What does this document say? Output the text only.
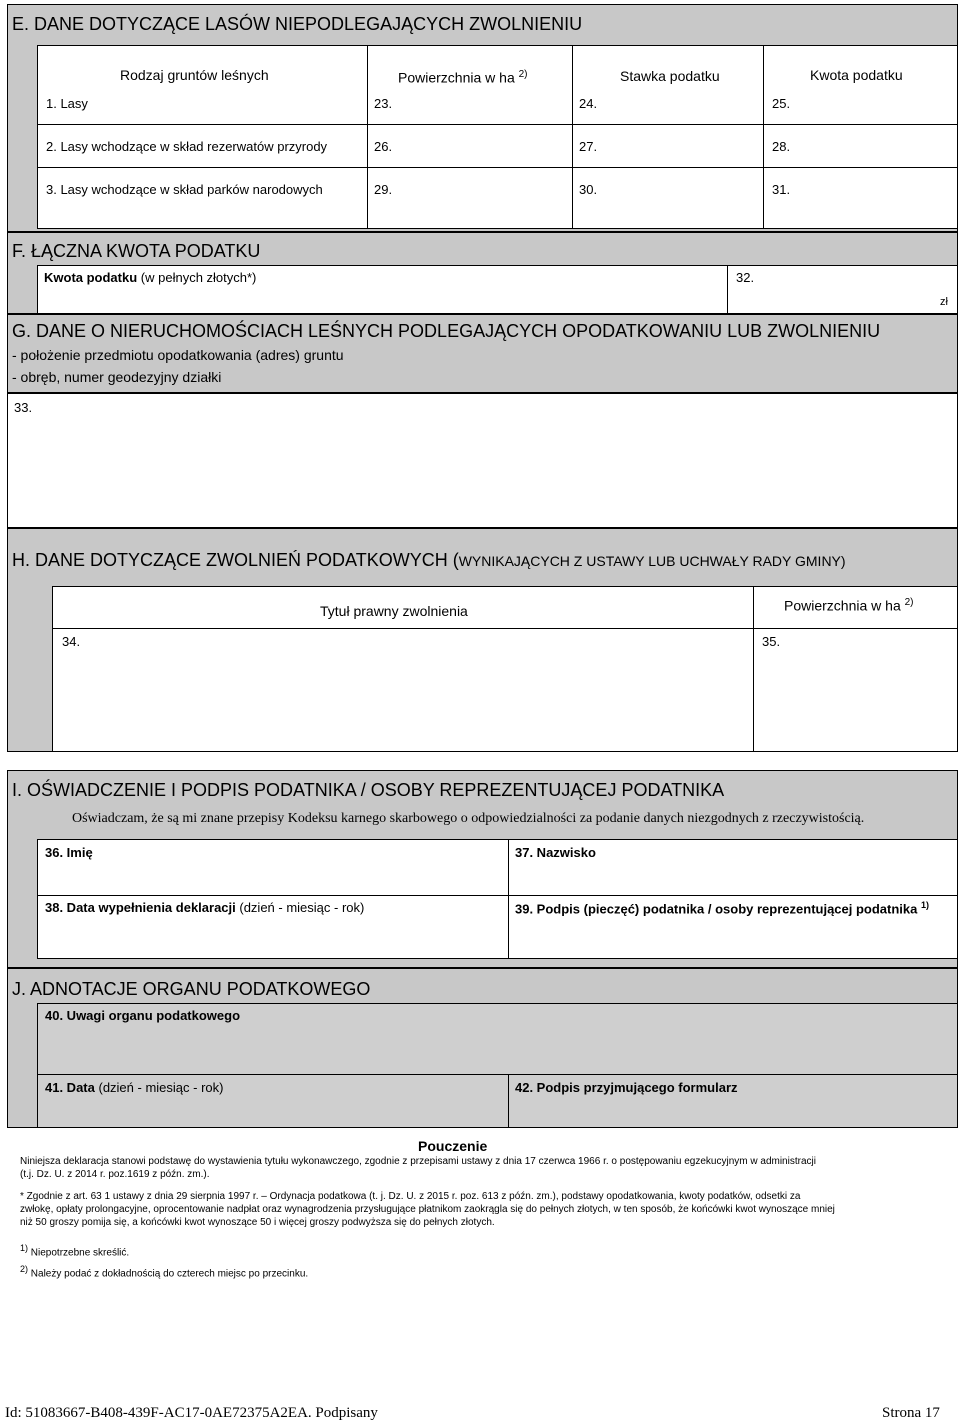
E. DANE DOTYCZĄCE LASÓW NIEPODLEGAJĄCYCH ZWOLNIENIU
Rodzaj gruntów leśnych	Powierzchnia w ha $^{2)}$	Stawka podatku	Kwota podatku
1. Lasy	23.	24.	25.
2. Lasy wchodzące w skład rezerwatów przyrody	26.	27.	28.
3. Lasy wchodzące w skład parków narodowych	29.	30.	31.
F. ŁĄCZNA KWOTA PODATKU
Kwota podatku (w pełnych złotych*)	32.
zł
G. DANE O NIERUCHOMOŚCIACH LEŚNYCH PODLEGAJĄCYCH OPODATKOWANIU LUB ZWOLNIENIU
- położenie przedmiotu opodatkowania (adres) gruntu
- obręb, numer geodezyjny działki
33.
H. DANE DOTYCZĄCE ZWOLNIEŃ PODATKOWYCH (WYNIKAJĄCYCH Z USTAWY LUB UCHWAŁY RADY GMINY)
Tytuł prawny zwolnienia	Powierzchnia w ha $^{2)}$
34.	35.
I. OŚWIADCZENIE I PODPIS PODATNIKA / OSOBY REPREZENTUJĄCEJ PODATNIKA
Oświadczam, że są mi znane przepisy Kodeksu karnego skarbowego o odpowiedzialności za podanie danych niezgodnych z rzeczywistością.
36. Imię	37. Nazwisko
38. Data wypełnienia deklaracji (dzień - miesiąc - rok)	39. Podpis (pieczęć) podatnika / osoby reprezentującej podatnika $^{1)}$
J. ADNOTACJE ORGANU PODATKOWEGO
40. Uwagi organu podatkowego
41. Data (dzień - miesiąc - rok)	42. Podpis przyjmującego formularz
Pouczenie
Niniejsza deklaracja stanowi podstawę do wystawienia tytułu wykonawczego, zgodnie z przepisami ustawy z dnia 17 czerwca 1966 r. o postępowaniu egzekucyjnym w administracji
(t.j. Dz. U. z 2014 r. poz.1619 z późn. zm.).
* Zgodnie z art. 63 1 ustawy z dnia 29 sierpnia 1997 r. – Ordynacja podatkowa (t. j. Dz. U. z 2015 r. poz. 613 z późn. zm.), podstawy opodatkowania, kwoty podatków, odsetki za
zwłokę, opłaty prolongacyjne, oprocentowanie nadpłat oraz wynagrodzenia przysługujące płatnikom zaokrągla się do pełnych złotych, w ten sposób, że końcówki kwot wynoszące mniej
niż 50 groszy pomija się, a końcówki kwot wynoszące 50 i więcej groszy podwyższa się do pełnych złotych.
$^{1)}$ Niepotrzebne skreślić.
$^{2)}$ Należy podać z dokładnością do czterech miejsc po przecinku.
Id: 51083667-B408-439F-AC17-0AE72375A2EA. Podpisany	Strona 17
